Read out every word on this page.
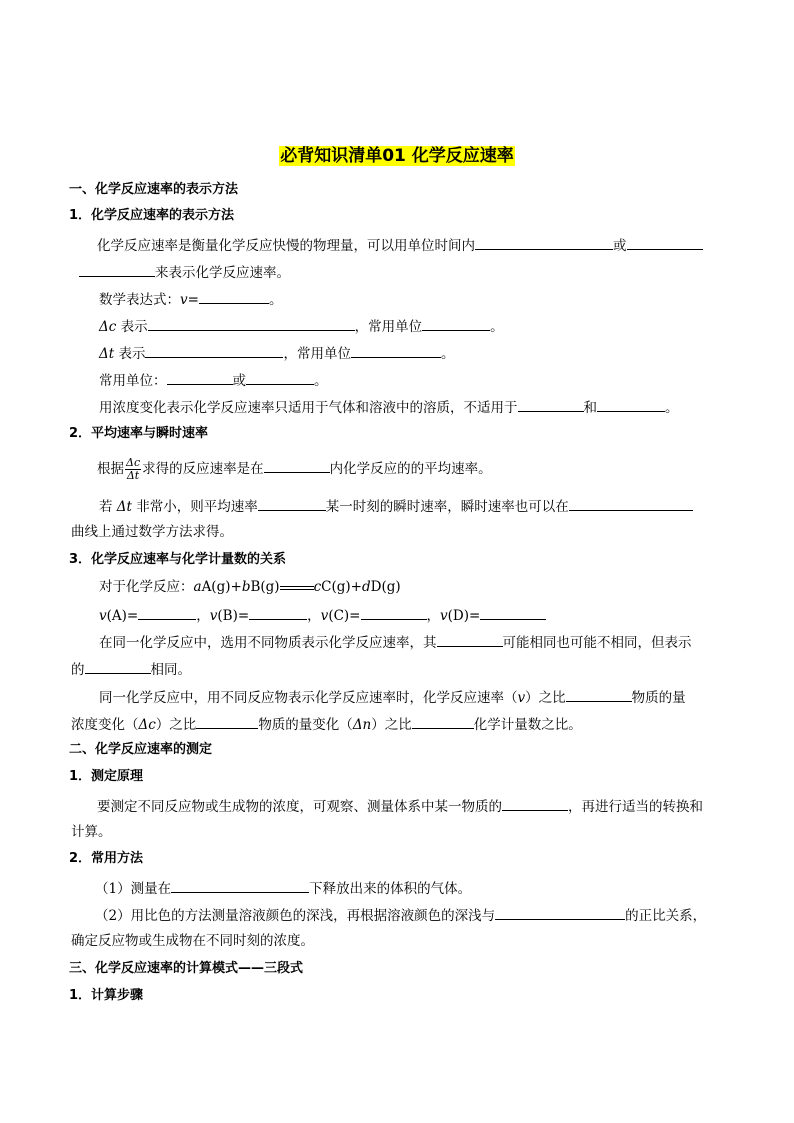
必背知识清单01 化学反应速率
一、化学反应速率的表示方法
1．化学反应速率的表示方法
化学反应速率是衡量化学反应快慢的物理量，可以用单位时间内	或
来表示化学反应速率。
数学表达式：v=	。
Δc 表示	，常用单位	。
Δt 表示	，常用单位	。
常用单位：	或	。
用浓度变化表示化学反应速率只适用于气体和溶液中的溶质，不适用于	和	。
2．平均速率与瞬时速率
根据 $\frac{\Delta c}{\Delta t}$ 求得的反应速率是在	内化学反应的的平均速率。
若 Δt 非常小，则平均速率	某一时刻的瞬时速率，瞬时速率也可以在
曲线上通过数学方法求得。
3．化学反应速率与化学计量数的关系
对于化学反应：aA(g)+bB(g)	cC(g)+dD(g)
v(A)=	，v(B)=	，v(C)=	，v(D)=
在同一化学反应中，选用不同物质表示化学反应速率，其	可能相同也可能不相同，但表示
的	相同。
同一化学反应中，用不同反应物表示化学反应速率时，化学反应速率（v）之比	物质的量
浓度变化（Δc）之比	物质的量变化（Δn）之比	化学计量数之比。
二、化学反应速率的测定
1．测定原理
要测定不同反应物或生成物的浓度，可观察、测量体系中某一物质的	，再进行适当的转换和
计算。
2．常用方法
（1）测量在	下释放出来的体积的气体。
（2）用比色的方法测量溶液颜色的深浅，再根据溶液颜色的深浅与	的正比关系，
确定反应物或生成物在不同时刻的浓度。
三、化学反应速率的计算模式——三段式
1．计算步骤
